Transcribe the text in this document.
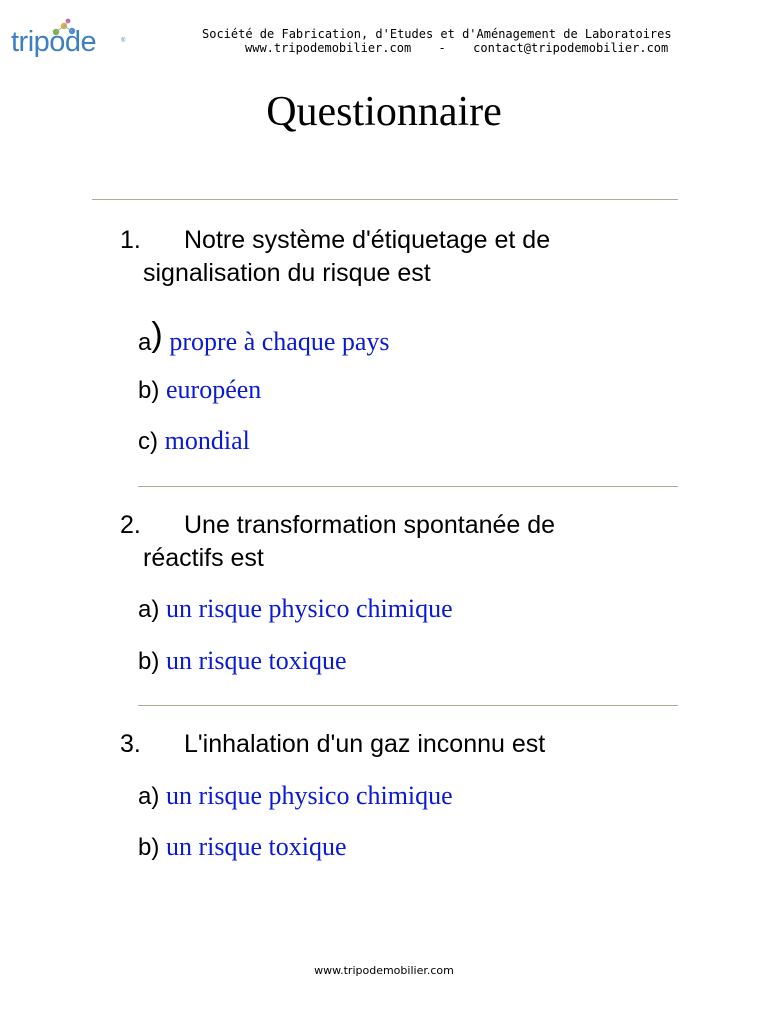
tripode	®	Société de Fabrication, d'Etudes et d'Aménagement de Laboratoires
www.tripodemobilier.com - contact@tripodemobilier.com
Questionnaire
1. Notre système d'étiquetage et de
signalisation du risque est
a) propre à chaque pays
b) européen
c) mondial
2. Une transformation spontanée de
réactifs est
a) un risque physico chimique
b) un risque toxique
3. L'inhalation d'un gaz inconnu est
a) un risque physico chimique
b) un risque toxique
www.tripodemobilier.com
